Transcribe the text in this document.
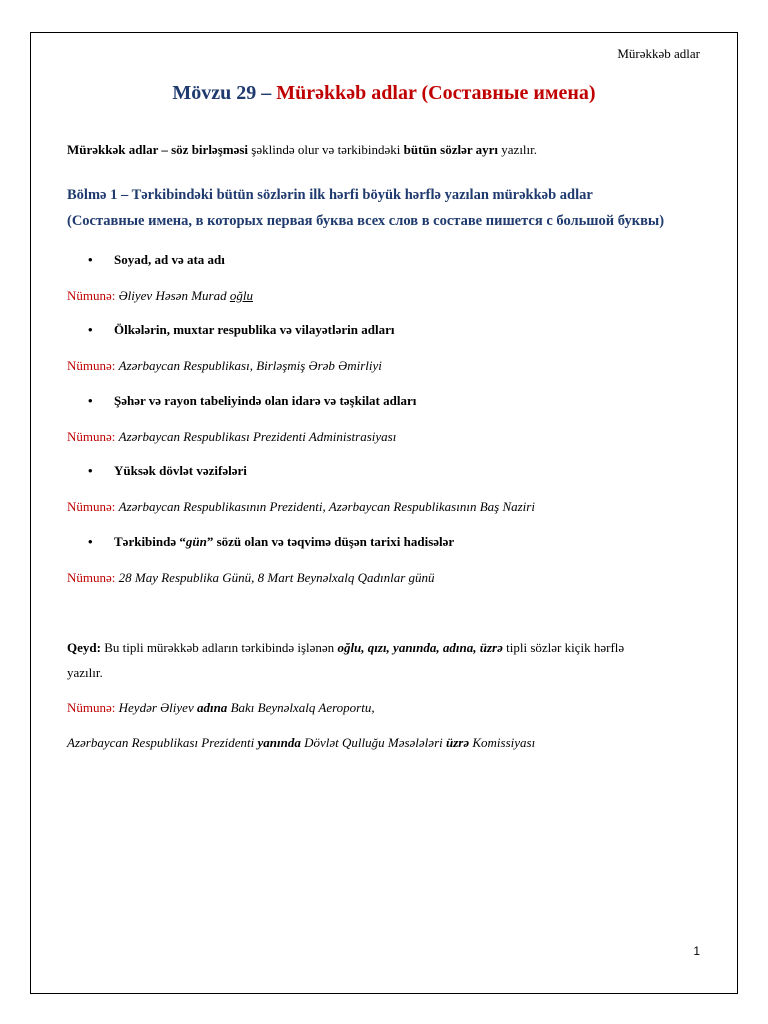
Mürəkkəb adlar
Mövzu 29 – Mürəkkəb adlar (Составные имена)
Mürəkkək adlar – söz birləşməsi şəklində olur və tərkibindəki bütün sözlər ayrı yazılır.
Bölmə 1 – Tərkibindəki bütün sözlərin ilk hərfi böyük hərflə yazılan mürəkkəb adlar
(Составные имена, в которых первая буква всех слов в составе пишется с большой буквы)
• Soyad, ad və ata adı
Nümunə: Əliyev Həsən Murad oğlu
• Ölkələrin, muxtar respublika və vilayətlərin adları
Nümunə: Azərbaycan Respublikası, Birləşmiş Ərəb Əmirliyi
• Şəhər və rayon tabeliyində olan idarə və təşkilat adları
Nümunə: Azərbaycan Respublikası Prezidenti Administrasiyası
• Yüksək dövlət vəzifələri
Nümunə: Azərbaycan Respublikasının Prezidenti, Azərbaycan Respublikasının Baş Naziri
• Tərkibində “gün” sözü olan və təqvimə düşən tarixi hadisələr
Nümunə: 28 May Respublika Günü, 8 Mart Beynəlxalq Qadınlar günü
Qeyd: Bu tipli mürəkkəb adların tərkibində işlənən oğlu, qızı, yanında, adına, üzrə tipli sözlər kiçik hərflə
yazılır.
Nümunə: Heydər Əliyev adına Bakı Beynəlxalq Aeroportu,
Azərbaycan Respublikası Prezidenti yanında Dövlət Qulluğu Məsələləri üzrə Komissiyası
1
